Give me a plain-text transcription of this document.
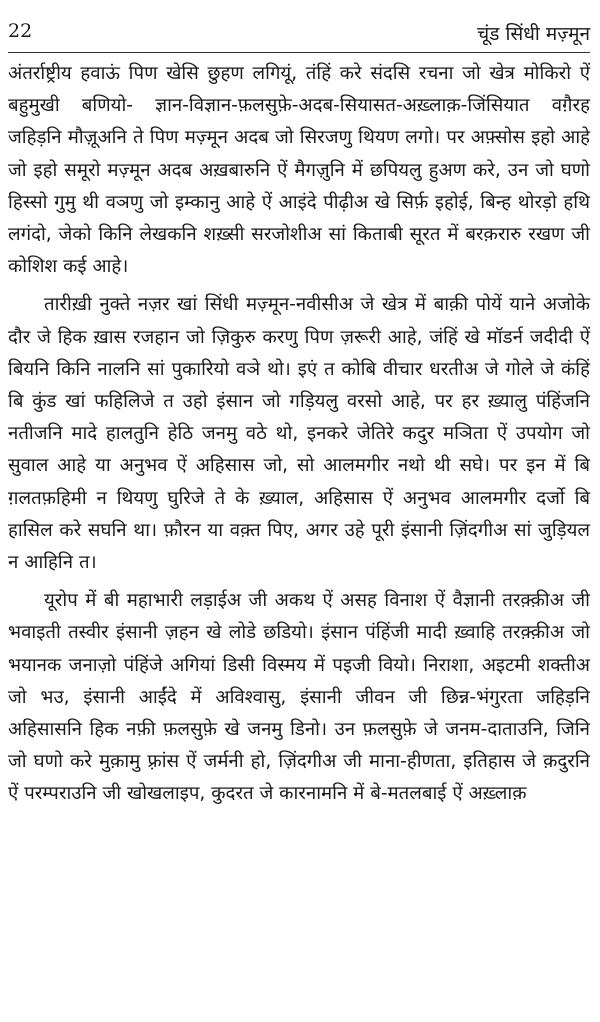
22	चूंड सिंधी मज़्मून

अंतर्राष्ट्रीय हवाऊं पिण खेसि छुहण लगियूं, तंहिं करे संदसि रचना जो खेत्र मोकिरो ऐं बहुमुखी बणियो- ज्ञान-विज्ञान-फ़लसुफ़े-अदब-सियासत-अख़्लाक़-जिंसियात वग़ैरह जहिड़नि मौज़ूअनि ते पिण मज़्मून अदब जो सिरजणु थियण लगो। पर अफ़्सोस इहो आहे जो इहो समूरो मज़्मून अदब अख़बारुनि ऐं मैगज़ुनि में छपियलु हुअण करे, उन जो घणो हिस्सो गुमु थी वञणु जो इम्कानु आहे ऐं आइंदे पीढ़ीअ खे सिर्फ़ इहोई, बिन्ह थोरड़ो हथि लगंदो, जेको किनि लेखकनि शख़्सी सरजोशीअ सां किताबी सूरत में बरक़रारु रखण जी कोशिश कई आहे।

तारीख़ी नुक्ते नज़र खां सिंधी मज़्मून-नवीसीअ जे खेत्र में बाक़ी पोयें याने अजोके दौर जे हिक ख़ास रजहान जो ज़िकुरु करणु पिण ज़रूरी आहे, जंहिं खे मॉडर्न जदीदी ऐं बियनि किनि नालनि सां पुकारियो वञे थो। इएं त कोबि वीचार धरतीअ जे गोले जे कंहिं बि कुंड खां फहिलिजे त उहो इंसान जो गड़ियलु वरसो आहे, पर हर ख़्यालु पंहिंजनि नतीजनि मादे हालतुनि हेठि जनमु वठे थो, इनकरे जेतिरे कदुर मञिता ऐं उपयोग जो सुवाल आहे या अनुभव ऐं अहिसास जो, सो आलमगीर नथो थी सघे। पर इन में बि ग़लतफ़हिमी न थियणु घुरिजे ते के ख़्याल, अहिसास ऐं अनुभव आलमगीर दर्जो बि हासिल करे सघनि था। फ़ौरन या वक़्त पिए, अगर उहे पूरी इंसानी ज़िंदगीअ सां जुड़ियल न आहिनि त।

यूरोप में बी महाभारी लड़ाईअ जी अकथ ऐं असह विनाश ऐं वैज्ञानी तरक़्क़ीअ जी भवाइती तस्वीर इंसानी ज़हन खे लोडे छडियो। इंसान पंहिंजी मादी ख़्वाहि तरक़्क़ीअ जो भयानक जनाज़ो पंहिंजे अगियां डिसी विस्मय में पइजी वियो। निराशा, अइटमी शक्तीअ जो भउ, इंसानी आईंदे में अविश्वासु, इंसानी जीवन जी छिन्न-भंगुरता जहिड़नि अहिसासनि हिक नफ़ी फ़लसुफ़े खे जनमु डिनो। उन फ़लसुफ़े जे जनम-दाताउनि, जिनि जो घणो करे मुक़ामु फ़्रांस ऐं जर्मनी हो, ज़िंदगीअ जी माना-हीणता, इतिहास जे क़दुरनि ऐं परम्पराउनि जी खोखलाइप, कुदरत जे कारनामनि में बे-मतलबाई ऐं अख़्लाक़
